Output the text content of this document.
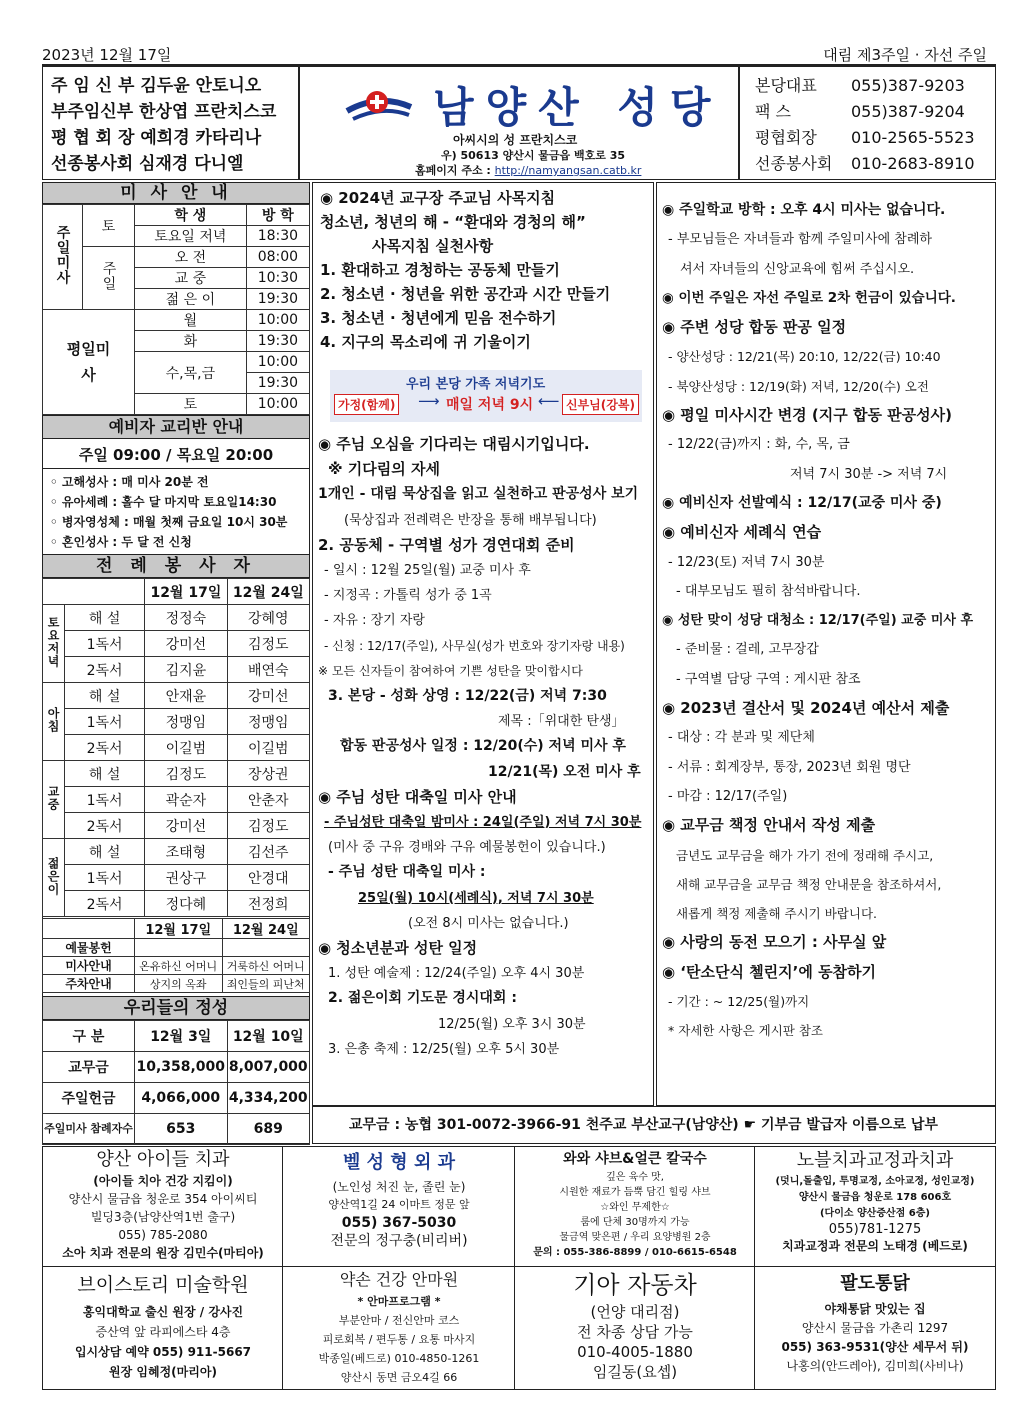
2023년 12월 17일	대림 제3주일 · 자선 주일
주 임 신 부 김두윤 안토니오
부주임신부 한상엽 프란치스코
평 협 회 장 예희경 카타리나
선종봉사회 심재경 다니엘
남양산 성당
아씨시의 성 프란치스코
우) 50613 양산시 물금읍 백호로 35
홈페이지 주소 : http://namyangsan.catb.kr
본당대표 055)387-9203
팩 스	055)387-9204
평협회장 010-2565-5523
선종봉사회 010-2683-8910
미 사 안 내
주일미사	토	학 생	방 학
		토요일 저녁	18:30
	주일	오 전	08:00
		교 중	10:30
		젊 은 이	19:30
평일미사		월	10:00
		화	19:30
		수,목,금	10:00
			19:30
		토	10:00
예비자 교리반 안내
주일 09:00 / 목요일 20:00
◦ 고해성사 : 매 미사 20분 전
◦ 유아세례 : 홀수 달 마지막 토요일14:30
◦ 병자영성체 : 매월 첫째 금요일 10시 30분
◦ 혼인성사 : 두 달 전 신청
전 례 봉 사 자
		12월 17일	12월 24일
토요저녁	해 설	정정숙	강혜영
	1독서	강미선	김정도
	2독서	김지윤	배연숙
아침	해 설	안재윤	강미선
	1독서	정맹임	정맹임
	2독서	이길범	이길범
교중	해 설	김정도	장상권
	1독서	곽순자	안춘자
	2독서	강미선	김정도
젊은이	해 설	조태형	김선주
	1독서	권상구	안경대
	2독서	정다혜	전정희
	12월 17일	12월 24일
예물봉헌		
미사안내	온유하신 어머니	거룩하신 어머니
주차안내	상지의 옥좌	죄인들의 피난처
우리들의 정성
구 분	12월 3일	12월 10일
교무금	10,358,000	8,007,000
주일헌금	4,066,000	4,334,200
주일미사 참례자수	653	689
◉ 2024년 교구장 주교님 사목지침
청소년, 청년의 해 - “환대와 경청의 해”
사목지침 실천사항
1. 환대하고 경청하는 공동체 만들기
2. 청소년 · 청년을 위한 공간과 시간 만들기
3. 청소년 · 청년에게 믿음 전수하기
4. 지구의 목소리에 귀 기울이기
우리 본당 가족 저녁기도
가정(함께) ⟶ 매일 저녁 9시 ⟵ 신부님(강복)
◉ 주님 오심을 기다리는 대림시기입니다.
※ 기다림의 자세
1개인 - 대림 묵상집을 읽고 실천하고 판공성사 보기
(묵상집과 전례력은 반장을 통해 배부됩니다)
2. 공동체 - 구역별 성가 경연대회 준비
- 일시 : 12월 25일(월) 교중 미사 후
- 지정곡 : 가톨릭 성가 중 1곡
- 자유 : 장기 자랑
- 신청 : 12/17(주일), 사무실(성가 번호와 장기자랑 내용)
※ 모든 신자들이 참여하여 기쁜 성탄을 맞이합시다
3. 본당 - 성화 상영 : 12/22(금) 저녁 7:30
제목 :「위대한 탄생」
합동 판공성사 일정 : 12/20(수) 저녁 미사 후
12/21(목) 오전 미사 후
◉ 주님 성탄 대축일 미사 안내
- 주님성탄 대축일 밤미사 : 24일(주일) 저녁 7시 30분
(미사 중 구유 경배와 구유 예물봉헌이 있습니다.)
- 주님 성탄 대축일 미사 :
25일(월) 10시(세례식), 저녁 7시 30분
(오전 8시 미사는 없습니다.)
◉ 청소년분과 성탄 일정
1. 성탄 예술제 : 12/24(주일) 오후 4시 30분
2. 젊은이회 기도문 경시대회 :
12/25(월) 오후 3시 30분
3. 은총 축제 : 12/25(월) 오후 5시 30분
◉ 주일학교 방학 : 오후 4시 미사는 없습니다.
- 부모님들은 자녀들과 함께 주일미사에 참례하
셔서 자녀들의 신앙교육에 힘써 주십시오.
◉ 이번 주일은 자선 주일로 2차 헌금이 있습니다.
◉ 주변 성당 합동 판공 일정
- 양산성당 : 12/21(목) 20:10, 12/22(금) 10:40
- 북양산성당 : 12/19(화) 저녁, 12/20(수) 오전
◉ 평일 미사시간 변경 (지구 합동 판공성사)
- 12/22(금)까지 : 화, 수, 목, 금
저녁 7시 30분 -> 저녁 7시
◉ 예비신자 선발예식 : 12/17(교중 미사 중)
◉ 예비신자 세례식 연습
- 12/23(토) 저녁 7시 30분
- 대부모님도 필히 참석바랍니다.
◉ 성탄 맞이 성당 대청소 : 12/17(주일) 교중 미사 후
- 준비물 : 걸레, 고무장갑
- 구역별 담당 구역 : 게시판 참조
◉ 2023년 결산서 및 2024년 예산서 제출
- 대상 : 각 분과 및 제단체
- 서류 : 회계장부, 통장, 2023년 회원 명단
- 마감 : 12/17(주일)
◉ 교무금 책정 안내서 작성 제출
금년도 교무금을 해가 가기 전에 정래해 주시고,
새해 교무금을 교무금 책정 안내문을 참조하셔서,
새롭게 책정 제출해 주시기 바랍니다.
◉ 사랑의 동전 모으기 : 사무실 앞
◉ ‘탄소단식 첼린지’에 동참하기
- 기간 : ~ 12/25(월)까지
* 자세한 사항은 게시판 참조
교무금 : 농협 301-0072-3966-91 천주교 부산교구(남양산) ☛ 기부금 발급자 이름으로 납부
양산 아이들 치과
(아이들 치아 건강 지킴이)
양산시 물금읍 청운로 354 아이씨티
빌딩3층(남양산역1번 출구)
055) 785-2080
소아 치과 전문의 원장 김민수(마티아)
벨 성 형 외 과
(노인성 처진 눈, 졸린 눈)
양산역1길 24 이마트 정문 앞
055) 367-5030
전문의 정구충(비리버)
와와 샤브&얼큰 칼국수
깊은 육수 맛,
시원한 재료가 듬뿍 담긴 힐링 샤브
☆와인 무제한☆
룸에 단체 30명까지 가능
물금역 맞은편 / 우리 요양병원 2층
문의 : 055-386-8899 / 010-6615-6548
노블치과교정과치과
(덧니,돌출입, 투명교정, 소아교정, 성인교정)
양산시 물금읍 청운로 178 606호
(다이소 양산증산점 6층)
055)781-1275
치과교정과 전문의 노태경 (베드로)
브이스토리 미술학원
홍익대학교 출신 원장 / 강사진
증산역 앞 라피에스타 4층
입시상담 예약 055) 911-5667
원장 임혜정(마리아)
약손 건강 안마원
* 안마프로그램 *
부분안마 / 전신안마 코스
피로회복 / 편두통 / 요통 마사지
박종일(베드로) 010-4850-1261
양산시 동면 금오4길 66
기아 자동차
(언양 대리점)
전 차종 상담 가능
010-4005-1880
임길동(요셉)
팔도통닭
야채통닭 맛있는 집
양산시 물금읍 가촌리 1297
055) 363-9531(양산 세무서 뒤)
나홍의(안드레아), 김미희(사비나)
